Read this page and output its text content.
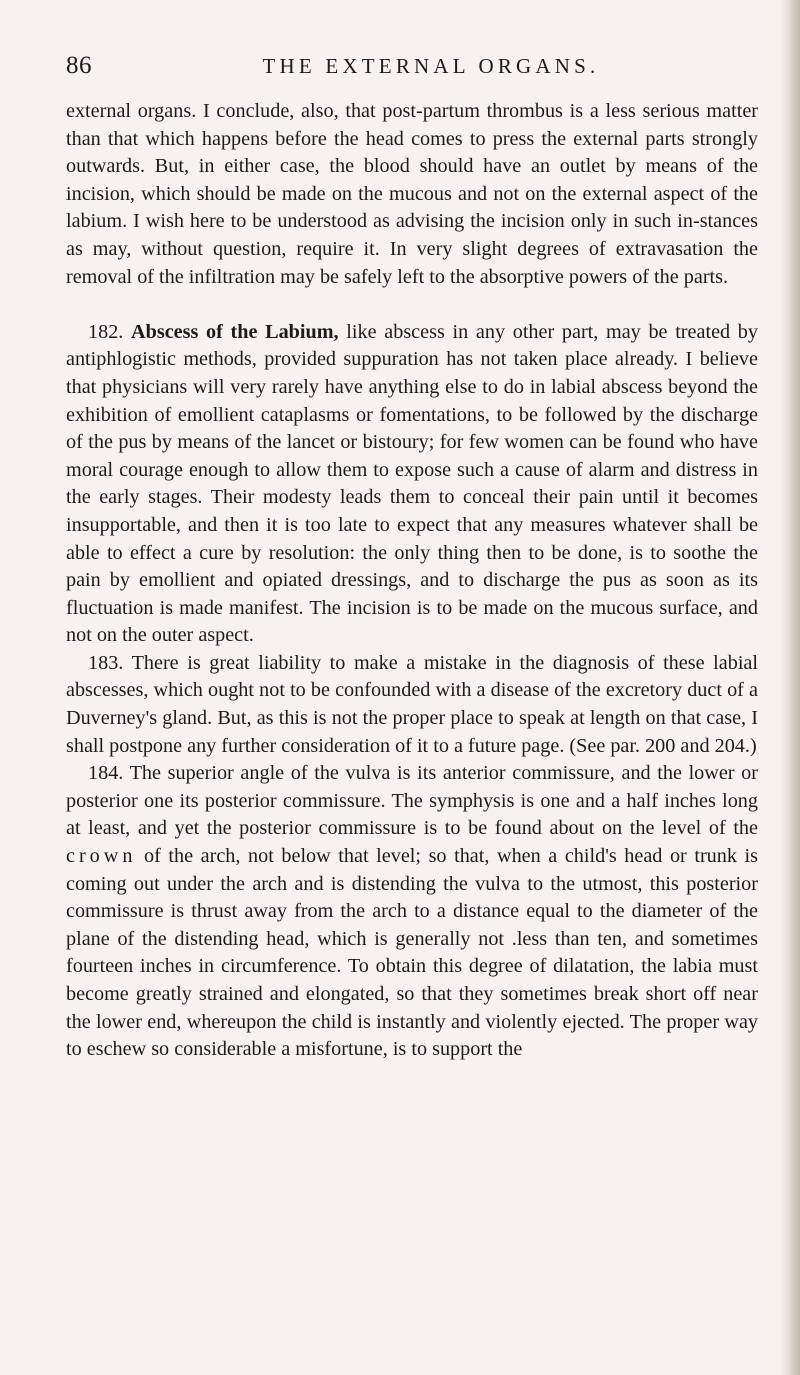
86	THE EXTERNAL ORGANS.

external organs. I conclude, also, that post-partum thrombus is a less serious matter than that which happens before the head comes to press the external parts strongly outwards. But, in either case, the blood should have an outlet by means of the incision, which should be made on the mucous and not on the external aspect of the labium. I wish here to be understood as advising the incision only in such in-stances as may, without question, require it. In very slight degrees of extravasation the removal of the infiltration may be safely left to the absorptive powers of the parts.

182. Abscess of the Labium, like abscess in any other part, may be treated by antiphlogistic methods, provided suppuration has not taken place already. I believe that physicians will very rarely have anything else to do in labial abscess beyond the exhibition of emollient cataplasms or fomentations, to be followed by the discharge of the pus by means of the lancet or bistoury; for few women can be found who have moral courage enough to allow them to expose such a cause of alarm and distress in the early stages. Their modesty leads them to conceal their pain until it becomes insupportable, and then it is too late to expect that any measures whatever shall be able to effect a cure by resolution: the only thing then to be done, is to soothe the pain by emollient and opiated dressings, and to discharge the pus as soon as its fluctuation is made manifest. The incision is to be made on the mucous surface, and not on the outer aspect.

183. There is great liability to make a mistake in the diagnosis of these labial abscesses, which ought not to be confounded with a disease of the excretory duct of a Duverney's gland. But, as this is not the proper place to speak at length on that case, I shall postpone any further consideration of it to a future page. (See par. 200 and 204.)

184. The superior angle of the vulva is its anterior commissure, and the lower or posterior one its posterior commissure. The symphysis is one and a half inches long at least, and yet the posterior commissure is to be found about on the level of the crown of the arch, not below that level; so that, when a child's head or trunk is coming out under the arch and is distending the vulva to the utmost, this posterior commissure is thrust away from the arch to a distance equal to the diameter of the plane of the distending head, which is generally not .less than ten, and sometimes fourteen inches in circumference. To obtain this degree of dilatation, the labia must become greatly strained and elongated, so that they sometimes break short off near the lower end, whereupon the child is instantly and violently ejected. The proper way to eschew so considerable a misfortune, is to support the
